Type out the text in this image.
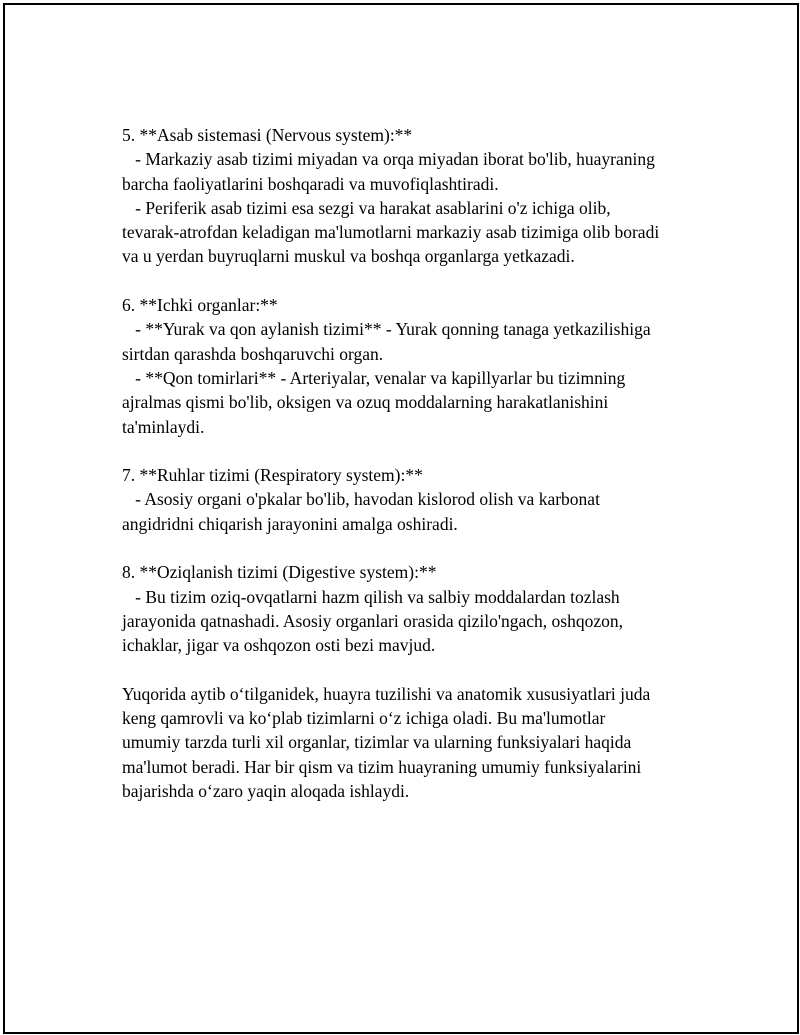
5. **Asab sistemasi (Nervous system):**
- Markaziy asab tizimi miyadan va orqa miyadan iborat bo'lib, huayraning
barcha faoliyatlarini boshqaradi va muvofiqlashtiradi.
- Periferik asab tizimi esa sezgi va harakat asablarini o'z ichiga olib,
tevarak-atrofdan keladigan ma'lumotlarni markaziy asab tizimiga olib boradi
va u yerdan buyruqlarni muskul va boshqa organlarga yetkazadi.

6. **Ichki organlar:**
- **Yurak va qon aylanish tizimi** - Yurak qonning tanaga yetkazilishiga
sirtdan qarashda boshqaruvchi organ.
- **Qon tomirlari** - Arteriyalar, venalar va kapillyarlar bu tizimning
ajralmas qismi bo'lib, oksigen va ozuq moddalarning harakatlanishini
ta'minlaydi.

7. **Ruhlar tizimi (Respiratory system):**
- Asosiy organi o'pkalar bo'lib, havodan kislorod olish va karbonat
angidridni chiqarish jarayonini amalga oshiradi.

8. **Oziqlanish tizimi (Digestive system):**
- Bu tizim oziq-ovqatlarni hazm qilish va salbiy moddalardan tozlash
jarayonida qatnashadi. Asosiy organlari orasida qizilo'ngach, oshqozon,
ichaklar, jigar va oshqozon osti bezi mavjud.

Yuqorida aytib o‘tilganidek, huayra tuzilishi va anatomik xususiyatlari juda
keng qamrovli va ko‘plab tizimlarni o‘z ichiga oladi. Bu ma'lumotlar
umumiy tarzda turli xil organlar, tizimlar va ularning funksiyalari haqida
ma'lumot beradi. Har bir qism va tizim huayraning umumiy funksiyalarini
bajarishda o‘zaro yaqin aloqada ishlaydi.
